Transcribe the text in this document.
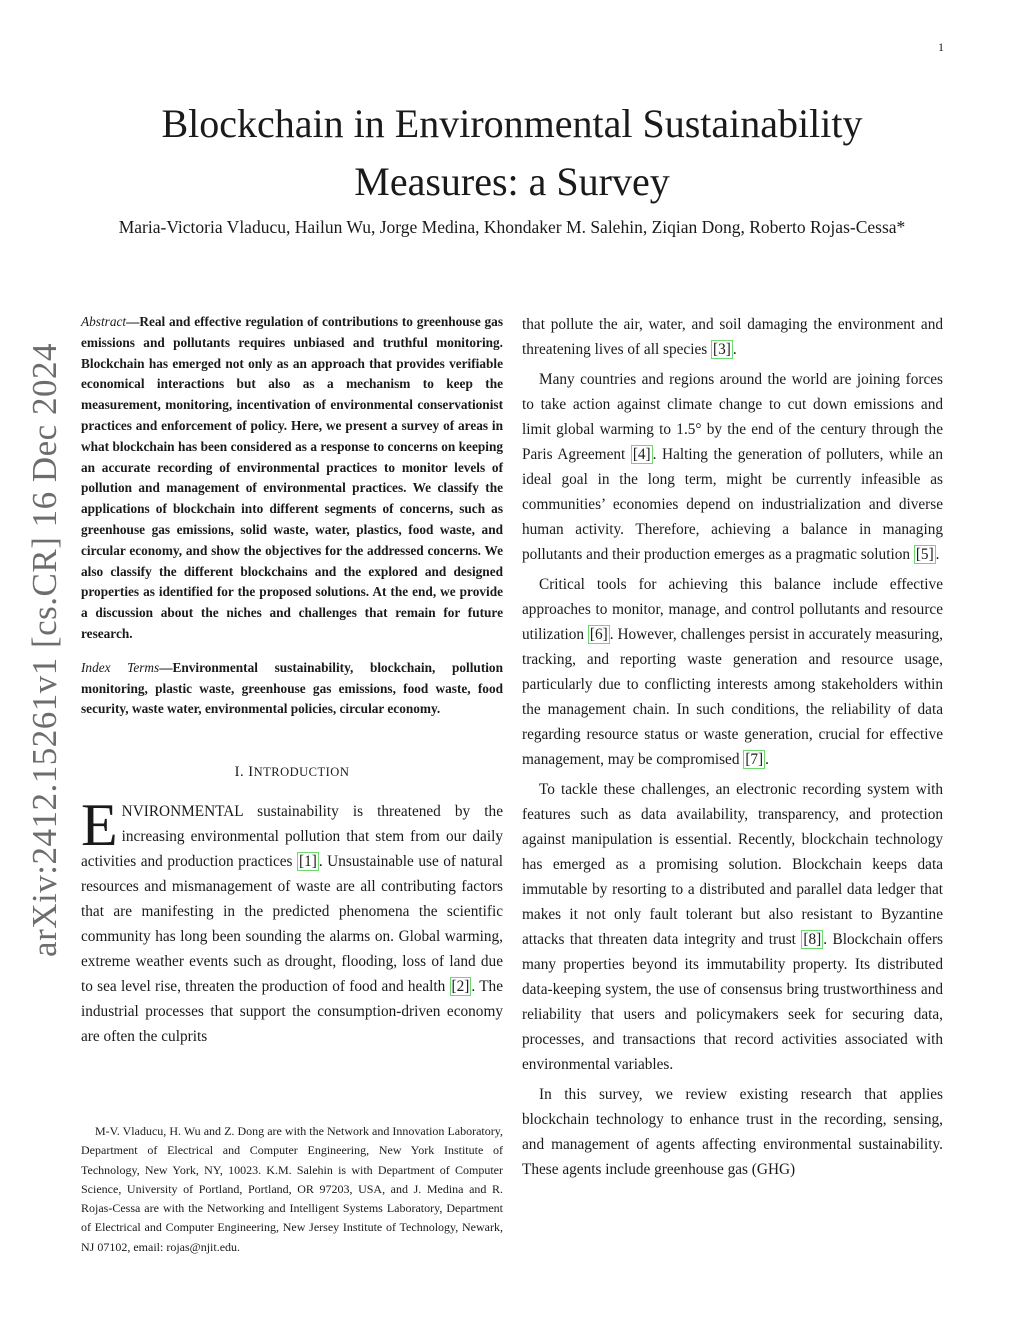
1
arXiv:2412.15261v1 [cs.CR] 16 Dec 2024
Blockchain in Environmental Sustainability
Measures: a Survey
Maria-Victoria Vladucu, Hailun Wu, Jorge Medina, Khondaker M. Salehin, Ziqian Dong, Roberto Rojas-Cessa*

Abstract—Real and effective regulation of contributions to greenhouse gas emissions and pollutants requires unbiased and truthful monitoring. Blockchain has emerged not only as an approach that provides verifiable economical interactions but also as a mechanism to keep the measurement, monitoring, incentivation of environmental conservationist practices and enforcement of policy. Here, we present a survey of areas in what blockchain has been considered as a response to concerns on keeping an accurate recording of environmental practices to monitor levels of pollution and management of environmental practices. We classify the applications of blockchain into different segments of concerns, such as greenhouse gas emissions, solid waste, water, plastics, food waste, and circular economy, and show the objectives for the addressed concerns. We also classify the different blockchains and the explored and designed properties as identified for the proposed solutions. At the end, we provide a discussion about the niches and challenges that remain for future research.

Index Terms—Environmental sustainability, blockchain, pollution monitoring, plastic waste, greenhouse gas emissions, food waste, food security, waste water, environmental policies, circular economy.

I. INTRODUCTION

ENVIRONMENTAL sustainability is threatened by the increasing environmental pollution that stem from our daily activities and production practices [1] . Unsustainable use of natural resources and mismanagement of waste are all contributing factors that are manifesting in the predicted phenomena the scientific community has long been sounding the alarms on. Global warming, extreme weather events such as drought, flooding, loss of land due to sea level rise, threaten the production of food and health [2] . The industrial processes that support the consumption-driven economy are often the culprits

M-V. Vladucu, H. Wu and Z. Dong are with the Network and Innovation Laboratory, Department of Electrical and Computer Engineering, New York Institute of Technology, New York, NY, 10023. K.M. Salehin is with Department of Computer Science, University of Portland, Portland, OR 97203, USA, and J. Medina and R. Rojas-Cessa are with the Networking and Intelligent Systems Laboratory, Department of Electrical and Computer Engineering, New Jersey Institute of Technology, Newark, NJ 07102, email: rojas@njit.edu.

that pollute the air, water, and soil damaging the environment and threatening lives of all species [3] .

Many countries and regions around the world are joining forces to take action against climate change to cut down emissions and limit global warming to 1.5° by the end of the century through the Paris Agreement [4] . Halting the generation of polluters, while an ideal goal in the long term, might be currently infeasible as communities’ economies depend on industrialization and diverse human activity. Therefore, achieving a balance in managing pollutants and their production emerges as a pragmatic solution [5] .

Critical tools for achieving this balance include effective approaches to monitor, manage, and control pollutants and resource utilization [6] . However, challenges persist in accurately measuring, tracking, and reporting waste generation and resource usage, particularly due to conflicting interests among stakeholders within the management chain. In such conditions, the reliability of data regarding resource status or waste generation, crucial for effective management, may be compromised [7] .

To tackle these challenges, an electronic recording system with features such as data availability, transparency, and protection against manipulation is essential. Recently, blockchain technology has emerged as a promising solution. Blockchain keeps data immutable by resorting to a distributed and parallel data ledger that makes it not only fault tolerant but also resistant to Byzantine attacks that threaten data integrity and trust [8] . Blockchain offers many properties beyond its immutability property. Its distributed data-keeping system, the use of consensus bring trustworthiness and reliability that users and policymakers seek for securing data, processes, and transactions that record activities associated with environmental variables.

In this survey, we review existing research that applies blockchain technology to enhance trust in the recording, sensing, and management of agents affecting environmental sustainability. These agents include greenhouse gas (GHG)
